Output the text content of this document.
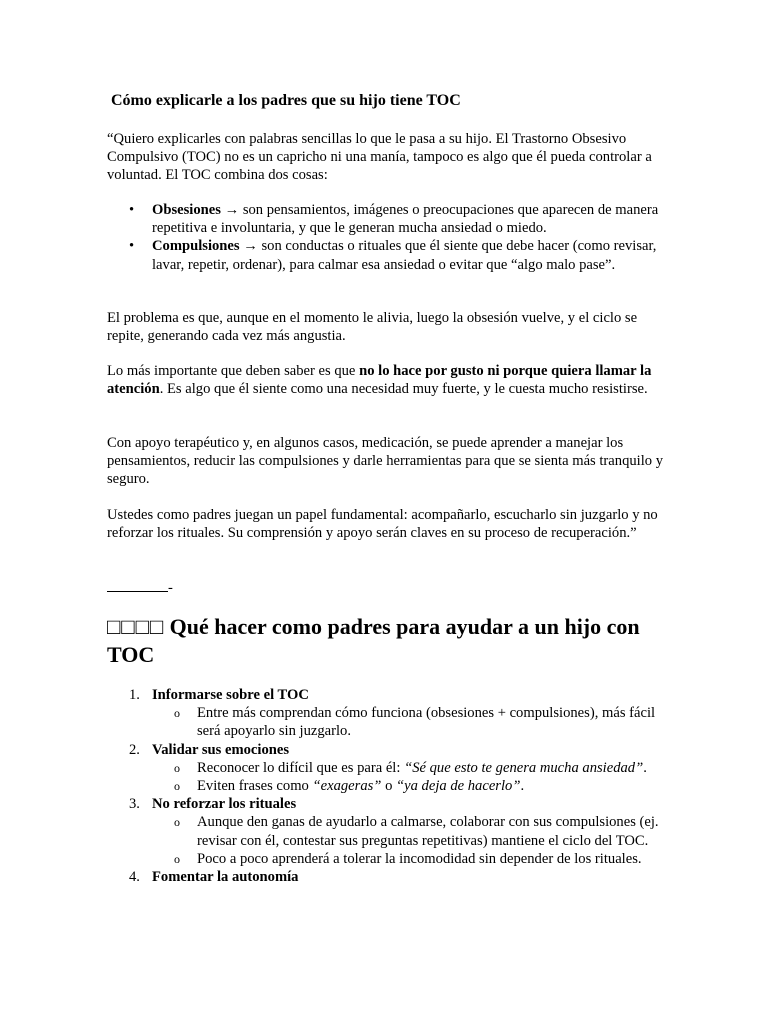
Cómo explicarle a los padres que su hijo tiene TOC

“Quiero explicarles con palabras sencillas lo que le pasa a su hijo. El Trastorno Obsesivo Compulsivo (TOC) no es un capricho ni una manía, tampoco es algo que él pueda controlar a voluntad. El TOC combina dos cosas:

• Obsesiones → son pensamientos, imágenes o preocupaciones que aparecen de manera repetitiva e involuntaria, y que le generan mucha ansiedad o miedo.
• Compulsiones → son conductas o rituales que él siente que debe hacer (como revisar, lavar, repetir, ordenar), para calmar esa ansiedad o evitar que “algo malo pase”.

El problema es que, aunque en el momento le alivia, luego la obsesión vuelve, y el ciclo se repite, generando cada vez más angustia.

Lo más importante que deben saber es que no lo hace por gusto ni porque quiera llamar la atención. Es algo que él siente como una necesidad muy fuerte, y le cuesta mucho resistirse.

Con apoyo terapéutico y, en algunos casos, medicación, se puede aprender a manejar los pensamientos, reducir las compulsiones y darle herramientas para que se sienta más tranquilo y seguro.

Ustedes como padres juegan un papel fundamental: acompañarlo, escucharlo sin juzgarlo y no reforzar los rituales. Su comprensión y apoyo serán claves en su proceso de recuperación.”

-

□□□□ Qué hacer como padres para ayudar a un hijo con TOC
1. Informarse sobre el TOC
o Entre más comprendan cómo funciona (obsesiones + compulsiones), más fácil será apoyarlo sin juzgarlo.
2. Validar sus emociones
o Reconocer lo difícil que es para él: “Sé que esto te genera mucha ansiedad”.
o Eviten frases como “exageras” o “ya deja de hacerlo”.
3. No reforzar los rituales
o Aunque den ganas de ayudarlo a calmarse, colaborar con sus compulsiones (ej. revisar con él, contestar sus preguntas repetitivas) mantiene el ciclo del TOC.
o Poco a poco aprenderá a tolerar la incomodidad sin depender de los rituales.
4. Fomentar la autonomía
